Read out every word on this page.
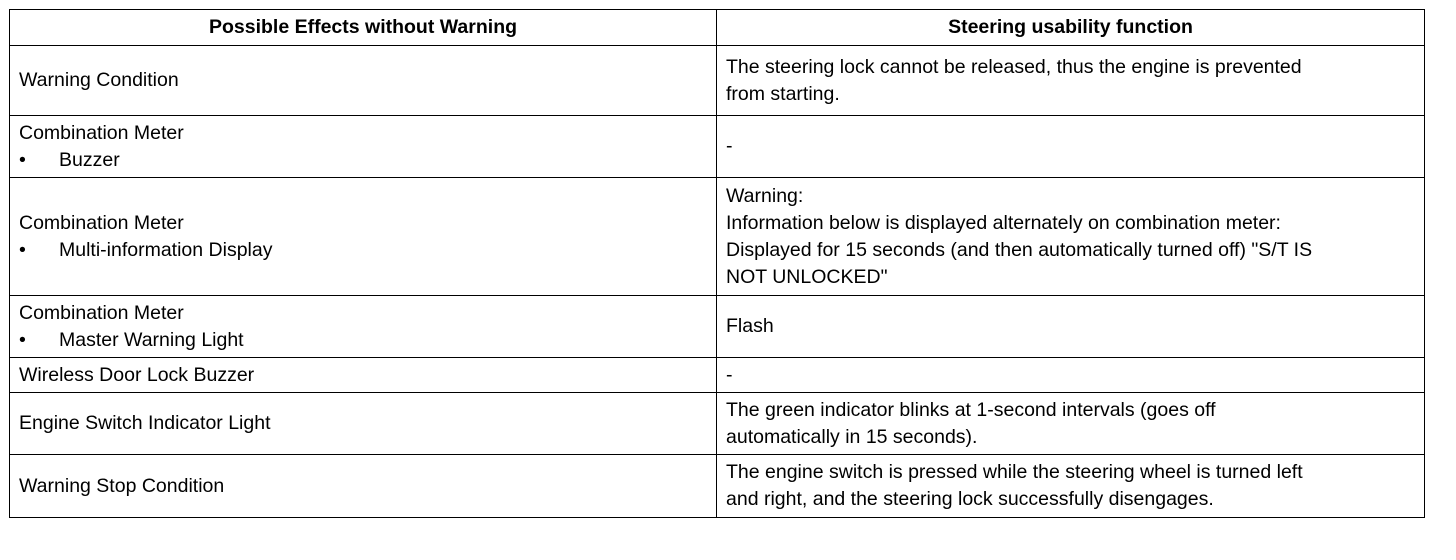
Possible Effects without Warning	Steering usability function

Warning Condition	The steering lock cannot be released, thus the engine is prevented
from starting.

Combination Meter
• Buzzer	-

Combination Meter
• Multi-information Display	Warning:
Information below is displayed alternately on combination meter:
Displayed for 15 seconds (and then automatically turned off) "S/T IS
NOT UNLOCKED"

Combination Meter
• Master Warning Light	Flash

Wireless Door Lock Buzzer	-

Engine Switch Indicator Light	The green indicator blinks at 1-second intervals (goes off
automatically in 15 seconds).

Warning Stop Condition	The engine switch is pressed while the steering wheel is turned left
and right, and the steering lock successfully disengages.
